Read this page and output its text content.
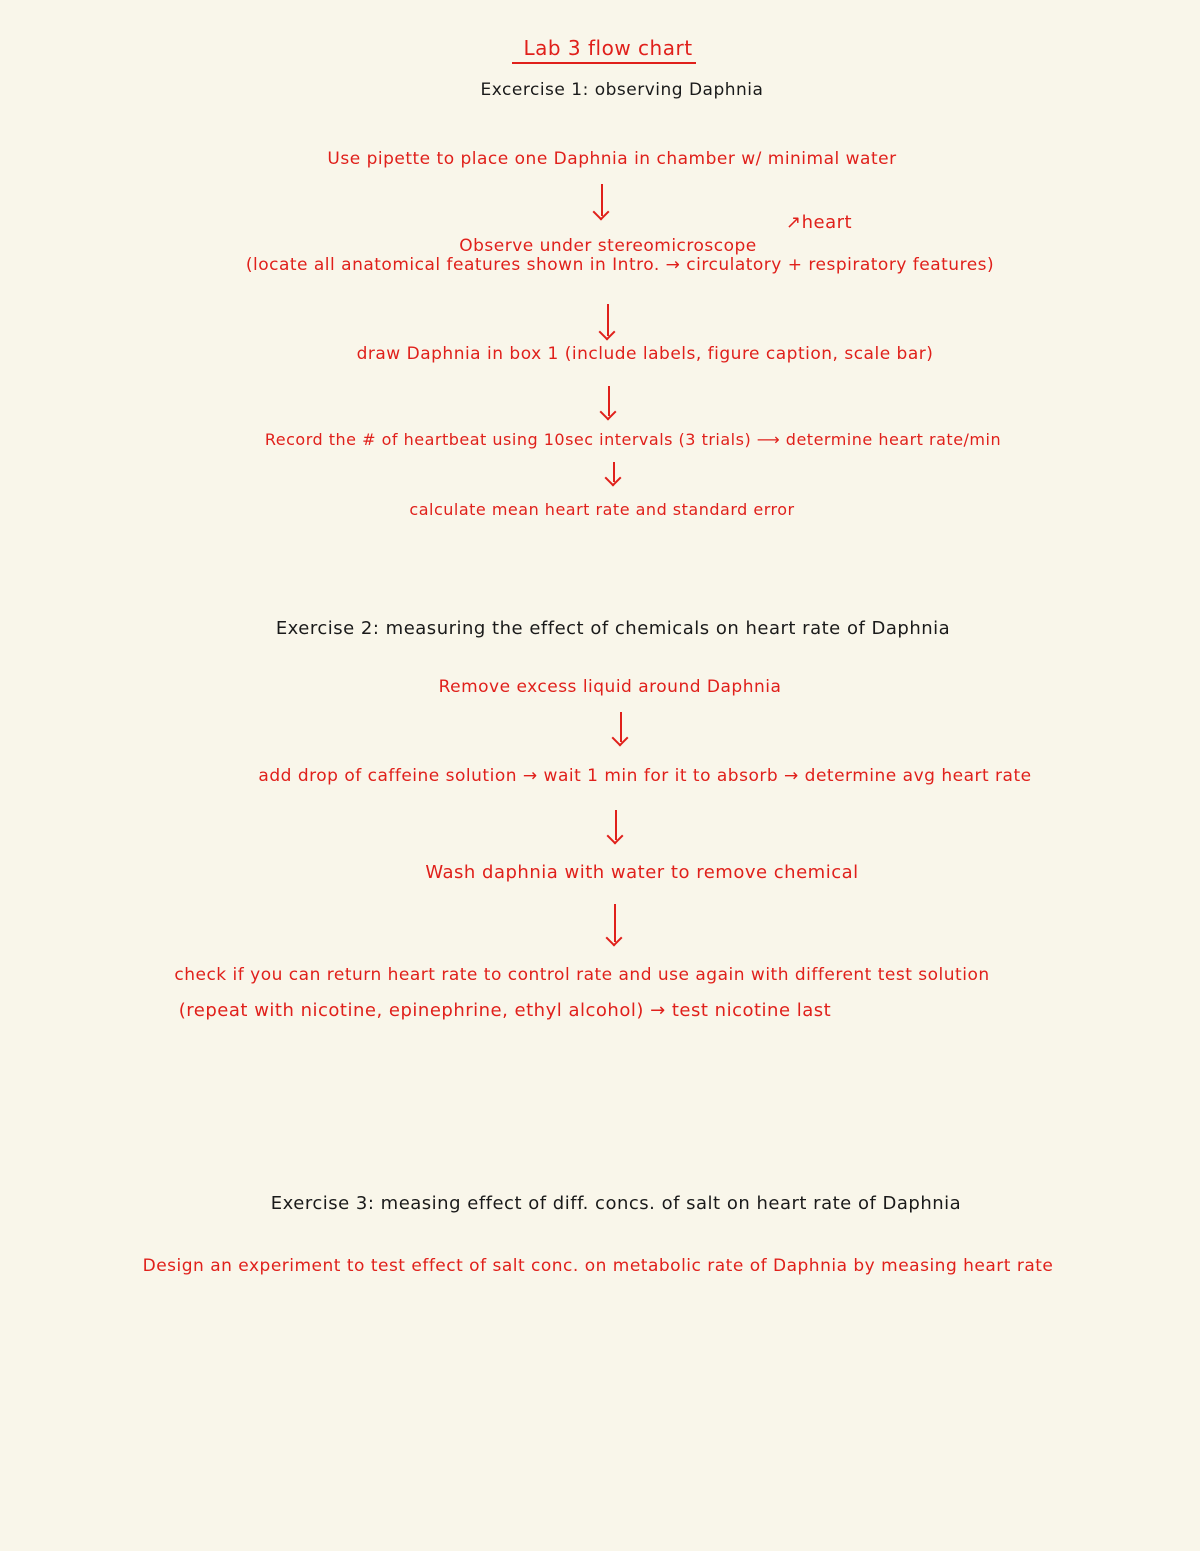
Lab 3 flow chart
Excercise 1: observing Daphnia
Use pipette to place one Daphnia in chamber w/ minimal water
↗heart
Observe under stereomicroscope
(locate all anatomical features shown in Intro. → circulatory + respiratory features)
draw Daphnia in box 1 (include labels, figure caption, scale bar)
Record the # of heartbeat using 10sec intervals (3 trials) ⟶ determine heart rate/min
calculate mean heart rate and standard error
Exercise 2: measuring the effect of chemicals on heart rate of Daphnia
Remove excess liquid around Daphnia
add drop of caffeine solution → wait 1 min for it to absorb → determine avg heart rate
Wash daphnia with water to remove chemical
check if you can return heart rate to control rate and use again with different test solution
(repeat with nicotine, epinephrine, ethyl alcohol) → test nicotine last
Exercise 3: measing effect of diff. concs. of salt on heart rate of Daphnia
Design an experiment to test effect of salt conc. on metabolic rate of Daphnia by measing heart rate
